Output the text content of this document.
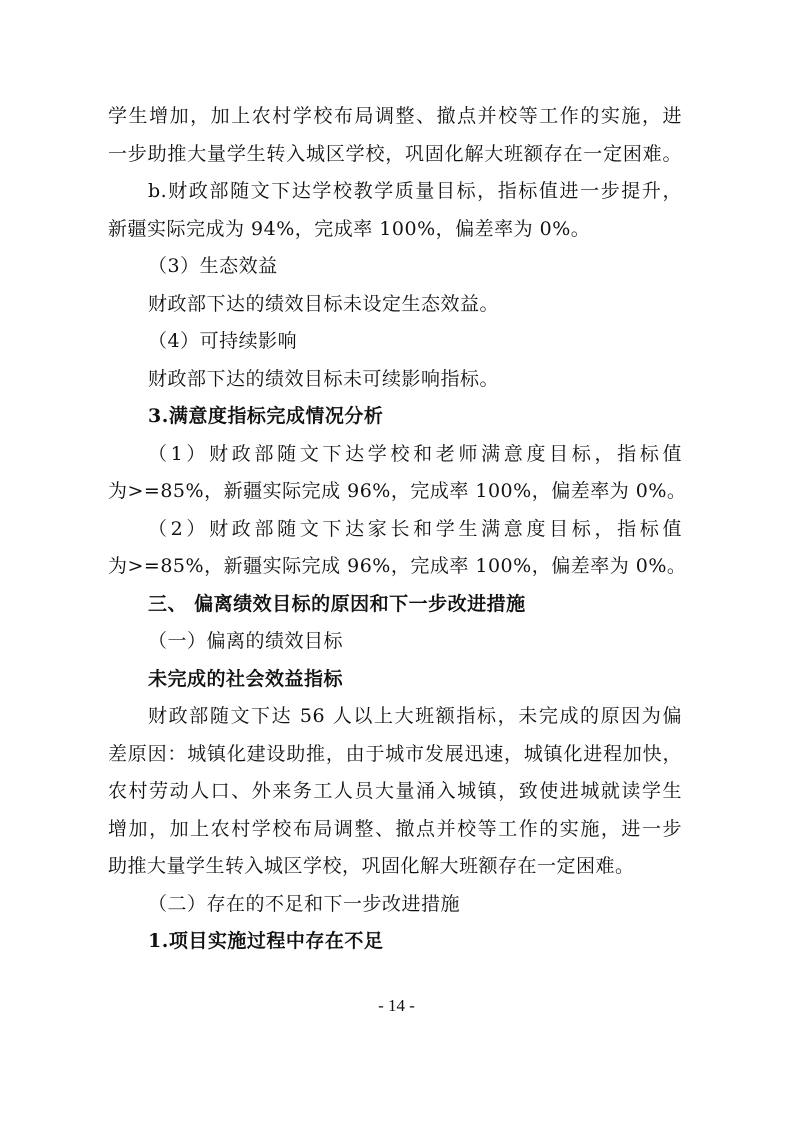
学生增加，加上农村学校布局调整、撤点并校等工作的实施，进
一步助推大量学生转入城区学校，巩固化解大班额存在一定困难。
b.财政部随文下达学校教学质量目标，指标值进一步提升，
新疆实际完成为 94%，完成率 100%，偏差率为 0%。
（3）生态效益
财政部下达的绩效目标未设定生态效益。
（4）可持续影响
财政部下达的绩效目标未可续影响指标。
3.满意度指标完成情况分析
（1）财政部随文下达学校和老师满意度目标，指标值
为>=85%，新疆实际完成 96%，完成率 100%，偏差率为 0%。
（2）财政部随文下达家长和学生满意度目标，指标值
为>=85%，新疆实际完成 96%，完成率 100%，偏差率为 0%。
三、 偏离绩效目标的原因和下一步改进措施
（一）偏离的绩效目标
未完成的社会效益指标
财政部随文下达 56 人以上大班额指标，未完成的原因为偏
差原因：城镇化建设助推，由于城市发展迅速，城镇化进程加快，
农村劳动人口、外来务工人员大量涌入城镇，致使进城就读学生
增加，加上农村学校布局调整、撤点并校等工作的实施，进一步
助推大量学生转入城区学校，巩固化解大班额存在一定困难。
（二）存在的不足和下一步改进措施
1.项目实施过程中存在不足
- 14 -
